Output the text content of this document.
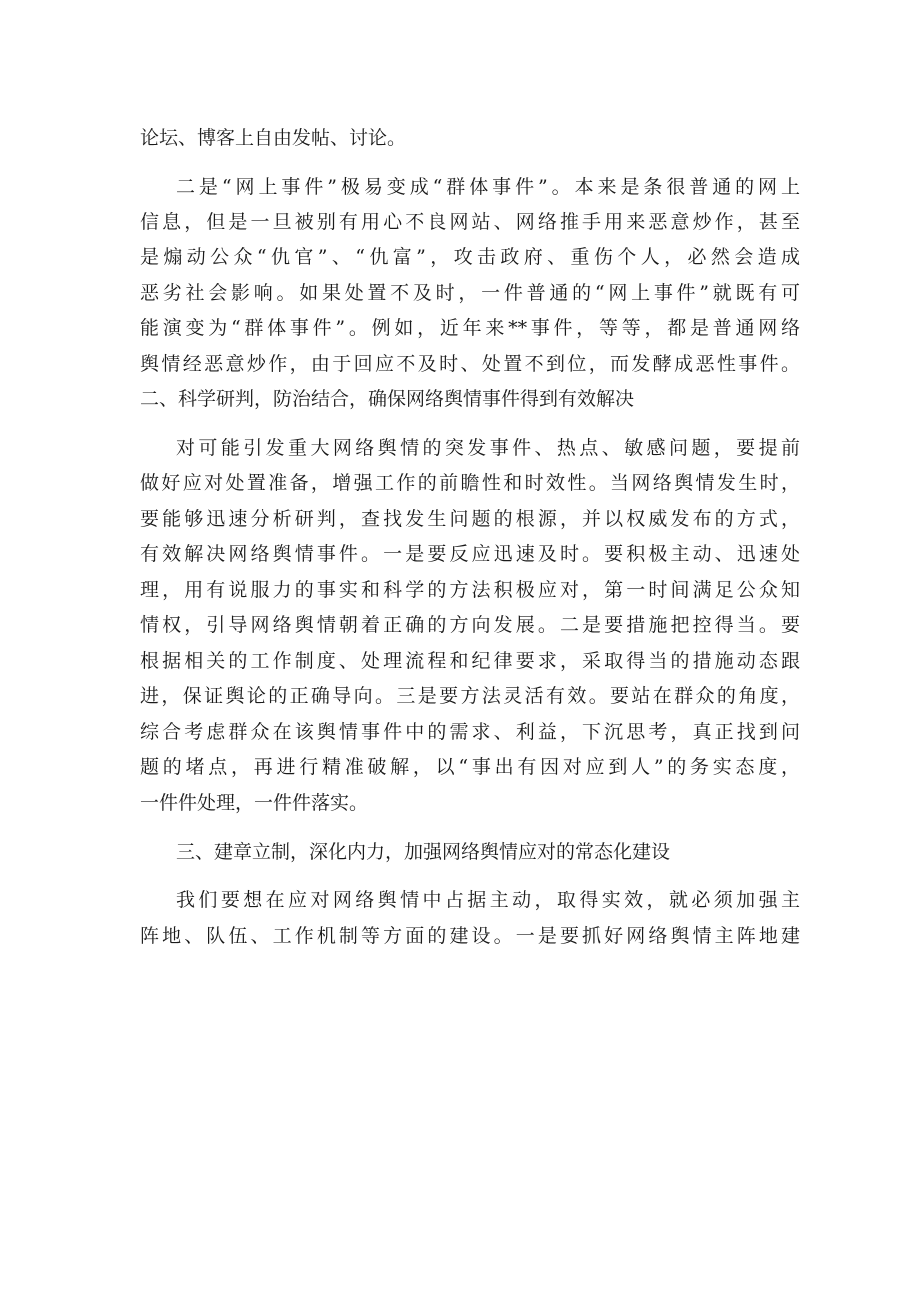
论坛、博客上自由发帖、讨论。
二是“网上事件”极易变成“群体事件”。本来是条很普通的网上
信息，但是一旦被别有用心不良网站、网络推手用来恶意炒作，甚至
是煽动公众“仇官”、“仇富”，攻击政府、重伤个人，必然会造成
恶劣社会影响。如果处置不及时，一件普通的“网上事件”就既有可
能演变为“群体事件”。例如，近年来**事件，等等，都是普通网络
舆情经恶意炒作，由于回应不及时、处置不到位，而发酵成恶性事件。
二、科学研判，防治结合，确保网络舆情事件得到有效解决
对可能引发重大网络舆情的突发事件、热点、敏感问题，要提前
做好应对处置准备，增强工作的前瞻性和时效性。当网络舆情发生时，
要能够迅速分析研判，查找发生问题的根源，并以权威发布的方式，
有效解决网络舆情事件。一是要反应迅速及时。要积极主动、迅速处
理，用有说服力的事实和科学的方法积极应对，第一时间满足公众知
情权，引导网络舆情朝着正确的方向发展。二是要措施把控得当。要
根据相关的工作制度、处理流程和纪律要求，采取得当的措施动态跟
进，保证舆论的正确导向。三是要方法灵活有效。要站在群众的角度，
综合考虑群众在该舆情事件中的需求、利益，下沉思考，真正找到问
题的堵点，再进行精准破解，以“事出有因对应到人”的务实态度，
一件件处理，一件件落实。
三、建章立制，深化内力，加强网络舆情应对的常态化建设
我们要想在应对网络舆情中占据主动，取得实效，就必须加强主
阵地、队伍、工作机制等方面的建设。一是要抓好网络舆情主阵地建
